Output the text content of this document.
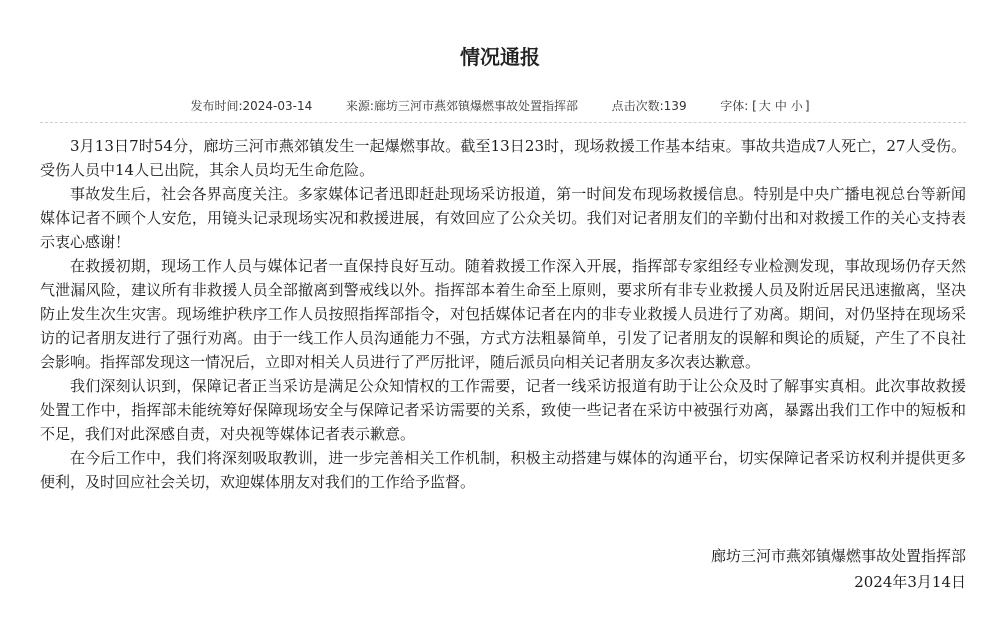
情况通报
发布时间:2024-03-14	来源:廊坊三河市燕郊镇爆燃事故处置指挥部	点击次数:139	字体: [ 大 中 小 ]

3月13日7时54分，廊坊三河市燕郊镇发生一起爆燃事故。截至13日23时，现场救援工作基本结束。事故共造成7人死亡，27人受伤。受伤人员中14人已出院，其余人员均无生命危险。

事故发生后，社会各界高度关注。多家媒体记者迅即赶赴现场采访报道，第一时间发布现场救援信息。特别是中央广播电视总台等新闻媒体记者不顾个人安危，用镜头记录现场实况和救援进展，有效回应了公众关切。我们对记者朋友们的辛勤付出和对救援工作的关心支持表示衷心感谢！

在救援初期，现场工作人员与媒体记者一直保持良好互动。随着救援工作深入开展，指挥部专家组经专业检测发现，事故现场仍存天然气泄漏风险，建议所有非救援人员全部撤离到警戒线以外。指挥部本着生命至上原则，要求所有非专业救援人员及附近居民迅速撤离，坚决防止发生次生灾害。现场维护秩序工作人员按照指挥部指令，对包括媒体记者在内的非专业救援人员进行了劝离。期间，对仍坚持在现场采访的记者朋友进行了强行劝离。由于一线工作人员沟通能力不强，方式方法粗暴简单，引发了记者朋友的误解和舆论的质疑，产生了不良社会影响。指挥部发现这一情况后，立即对相关人员进行了严厉批评，随后派员向相关记者朋友多次表达歉意。

我们深刻认识到，保障记者正当采访是满足公众知情权的工作需要，记者一线采访报道有助于让公众及时了解事实真相。此次事故救援处置工作中，指挥部未能统筹好保障现场安全与保障记者采访需要的关系，致使一些记者在采访中被强行劝离，暴露出我们工作中的短板和不足，我们对此深感自责，对央视等媒体记者表示歉意。

在今后工作中，我们将深刻吸取教训，进一步完善相关工作机制，积极主动搭建与媒体的沟通平台，切实保障记者采访权利并提供更多便利，及时回应社会关切，欢迎媒体朋友对我们的工作给予监督。

廊坊三河市燕郊镇爆燃事故处置指挥部
2024年3月14日
